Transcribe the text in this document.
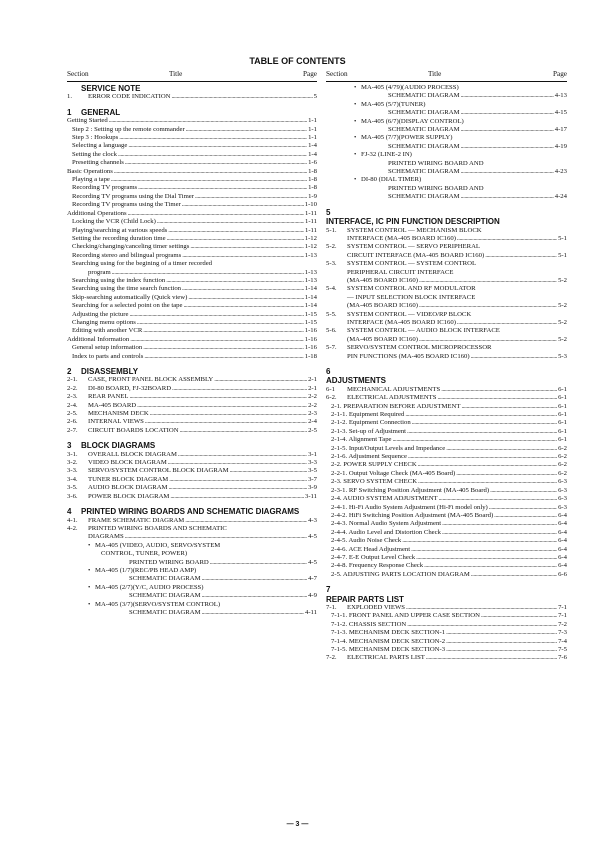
TABLE OF CONTENTS
Section	Title	Page
SERVICE NOTE
1.	ERROR CODE INDICATION .....	5
1 GENERAL
Getting Started .....	1-1
Step 2 : Setting up the remote commander .....	1-1
Step 3 : Hookups .....	1-1
Selecting a language .....	1-4
Setting the clock .....	1-4
Presetting channels .....	1-6
Basic Operations .....	1-8
Playing a tape .....	1-8
Recording TV programs .....	1-8
Recording TV programs using the Dial Timer .....	1-9
Recording TV programs using the Timer .....	1-10
Additional Operations .....	1-11
Locking the VCR (Child Lock) .....	1-11
Playing/searching at various speeds .....	1-11
Setting the recording duration time .....	1-12
Checking/changing/canceling timer settings .....	1-12
Recording stereo and bilingual programs .....	1-13
Searching using for the begining of a timer recorded
program .....	1-13
Searching using the index function .....	1-13
Searching using the time search function .....	1-14
Skip-searching automatically (Quick view) .....	1-14
Searching for a selected point on the tape .....	1-14
Adjusting the picture .....	1-15
Changing menu options .....	1-15
Editing with another VCR .....	1-16
Additional Information .....	1-16
General setup information .....	1-16
Index to parts and controls .....	1-18
2 DISASSEMBLY
2-1.	CASE, FRONT PANEL BLOCK ASSEMBLY .....	2-1
2-2.	DI-80 BOARD, FJ-32BOARD .....	2-1
2-3.	REAR PANEL .....	2-2
2-4.	MA-405 BOARD .....	2-2
2-5.	MECHANISM DECK .....	2-3
2-6.	INTERNAL VIEWS .....	2-4
2-7.	CIRCUIT BOARDS LOCATION .....	2-5
3 BLOCK DIAGRAMS
3-1.	OVERALL BLOCK DIAGRAM .....	3-1
3-2.	VIDEO BLOCK DIAGRAM .....	3-3
3-3.	SERVO/SYSTEM CONTROL BLOCK DIAGRAM .....	3-5
3-4.	TUNER BLOCK DIAGRAM .....	3-7
3-5.	AUDIO BLOCK DIAGRAM .....	3-9
3-6.	POWER BLOCK DIAGRAM .....	3-11
4 PRINTED WIRING BOARDS AND SCHEMATIC DIAGRAMS
4-1.	FRAME SCHEMATIC DIAGRAM .....	4-3
4-2.	PRINTED WIRING BOARDS AND SCHEMATIC
DIAGRAMS .....	4-5
• MA-405 (VIDEO, AUDIO, SERVO/SYSTEM
CONTROL, TUNER, POWER)
PRINTED WIRING BOARD .....	4-5
• MA-405 (1/7)(REC/PB HEAD AMP)
SCHEMATIC DIAGRAM .....	4-7
• MA-405 (2/7)(Y/C, AUDIO PROCESS)
SCHEMATIC DIAGRAM .....	4-9
• MA-405 (3/7)(SERVO/SYSTEM CONTROL)
SCHEMATIC DIAGRAM .....	4-11
Section	Title	Page
• MA-405 (4/79)(AUDIO PROCESS)
SCHEMATIC DIAGRAM .....	4-13
• MA-405 (5/7)(TUNER)
SCHEMATIC DIAGRAM .....	4-15
• MA-405 (6/7)(DISPLAY CONTROL)
SCHEMATIC DIAGRAM .....	4-17
• MA-405 (7/7)(POWER SUPPLY)
SCHEMATIC DIAGRAM .....	4-19
• FJ-32 (LINE-2 IN)
PRINTED WIRING BOARD AND
SCHEMATIC DIAGRAM .....	4-23
• DI-80 (DIAL TIMER)
PRINTED WIRING BOARD AND
SCHEMATIC DIAGRAM .....	4-24
5INTERFACE, IC PIN FUNCTION DESCRIPTION
5-1.	SYSTEM CONTROL — MECHANISM BLOCK
INTERFACE (MA-405 BOARD IC160) .....	5-1
5-2.	SYSTEM CONTROL — SERVO PERIPHERAL
CIRCUIT INTERFACE (MA-405 BOARD IC160) .....	5-1
5-3.	SYSTEM CONTROL — SYSTEM CONTROL
PERIPHERAL CIRCUIT INTERFACE
(MA-405 BOARD IC160) .....	5-2
5-4.	SYSTEM CONTROL AND RF MODULATOR
— INPUT SELECTION BLOCK INTERFACE
(MA-405 BOARD IC160) .....	5-2
5-5.	SYSTEM CONTROL — VIDEO/RP BLOCK
INTERFACE (MA-405 BOARD IC160) .....	5-2
5-6.	SYSTEM CONTROL — AUDIO BLOCK INTERFACE
(MA-405 BOARD IC160) .....	5-2
5-7.	SERVO/SYSTEM CONTROL MICROPROCESSOR
PIN FUNCTIONS (MA-405 BOARD IC160) .....	5-3
6ADJUSTMENTS
6-1	MECHANICAL ADJUSTMENTS .....	6-1
6-2.	ELECTRICAL ADJUSTMENTS .....	6-1
2-1. PREPARATION BEFORE ADJUSTMENT .....	6-1
2-1-1. Equipment Required .....	6-1
2-1-2. Equipment Connection .....	6-1
2-1-3. Set-up of Adjustment .....	6-1
2-1-4. Alignment Tape .....	6-1
2-1-5. Input/Output Levels and Impedance .....	6-2
2-1-6. Adjustment Sequence .....	6-2
2-2. POWER SUPPLY CHECK .....	6-2
2-2-1. Output Voltage Check (MA-405 Board) .....	6-2
2-3. SERVO SYSTEM CHECK .....	6-3
2-3-1. RF Switching Position Adjustment (MA-405 Board) .....	6-3
2-4. AUDIO SYSTEM ADJUSTMENT .....	6-3
2-4-1. Hi-Fi Audio System Adjustment (Hi-Fi model only) .....	6-3
2-4-2. HiFi Switching Position Adjustment (MA-405 Board) .....	6-4
2-4-3. Normal Audio System Adjustment .....	6-4
2-4-4. Audio Level and Distortion Check .....	6-4
2-4-5. Audio Noise Check .....	6-4
2-4-6. ACE Head Adjustment .....	6-4
2-4-7. E-E Output Level Check .....	6-4
2-4-8. Frequency Response Check .....	6-4
2-5. ADJUSTING PARTS LOCATION DIAGRAM .....	6-6
7REPAIR PARTS LIST
7-1.	EXPLODED VIEWS .....	7-1
7-1-1. FRONT PANEL AND UPPER CASE SECTION .....	7-1
7-1-2. CHASSIS SECTION .....	7-2
7-1-3. MECHANISM DECK SECTION-1 .....	7-3
7-1-4. MECHANISM DECK SECTION-2 .....	7-4
7-1-5. MECHANISM DECK SECTION-3 .....	7-5
7-2.	ELECTRICAL PARTS LIST .....	7-6
— 3 —
